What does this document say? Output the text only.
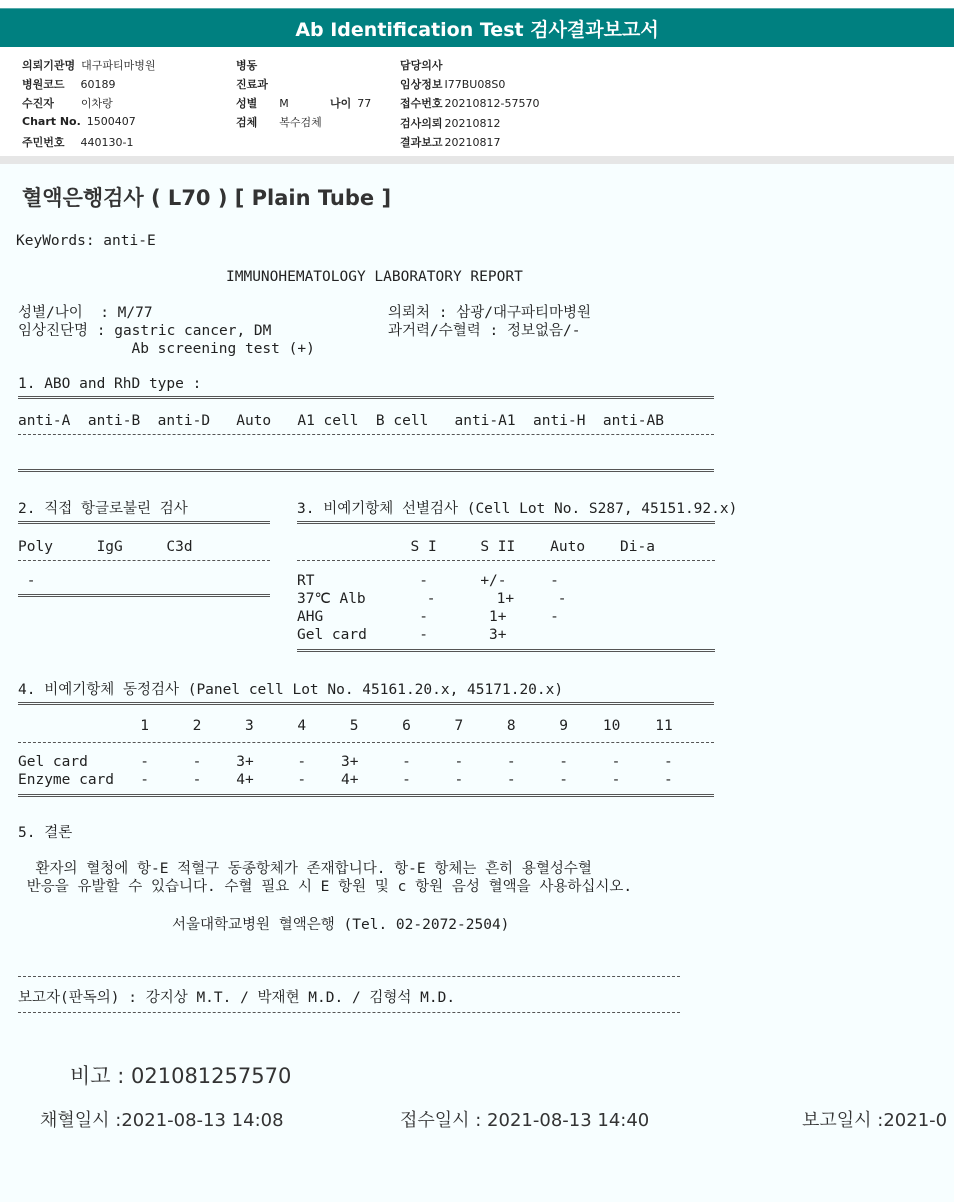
Ab Identification Test 검사결과보고서
의뢰기관명 대구파티마병원
병원코드 60189
수진자 이차랑
Chart No. 1500407
주민번호 440130-1
병동
진료과
성별 M	나이 77
검체 복수검체
담당의사
임상정보 I77BU08S0
접수번호 20210812-57570
검사의뢰 20210812
결과보고 20210817
혈액은행검사 ( L70 ) [ Plain Tube ]
KeyWords: anti-E
IMMUNOHEMATOLOGY LABORATORY REPORT
성별/나이  : M/77
임상진단명 : gastric cancer, DM
Ab screening test (+)
의뢰처 : 삼광/대구파티마병원
과거력/수혈력 : 정보없음/-
1. ABO and RhD type :
anti-A  anti-B  anti-D   Auto   A1 cell  B cell   anti-A1  anti-H  anti-AB
2. 직접 항글로불린 검사
Poly     IgG     C3d
-
3. 비예기항체 선별검사 (Cell Lot No. S287, 45151.92.x)
S I     S II    Auto    Di-a
RT            -      +/-     -
37℃ Alb       -       1+     -
AHG           -       1+     -
Gel card      -       3+
4. 비예기항체 동정검사 (Panel cell Lot No. 45161.20.x, 45171.20.x)
1     2     3     4     5     6     7     8     9    10    11
Gel card      -     -    3+     -    3+     -     -     -     -     -     -
Enzyme card   -     -    4+     -    4+     -     -     -     -     -     -
5. 결론
환자의 혈청에 항-E 적혈구 동종항체가 존재합니다. 항-E 항체는 흔히 용혈성수혈
반응을 유발할 수 있습니다. 수혈 필요 시 E 항원 및 c 항원 음성 혈액을 사용하십시오.
서울대학교병원 혈액은행 (Tel. 02-2072-2504)
보고자(판독의) : 강지상 M.T. / 박재현 M.D. / 김형석 M.D.
비고 : 021081257570
채혈일시 :2021-08-13 14:08	접수일시 : 2021-08-13 14:40	보고일시 :2021-0
